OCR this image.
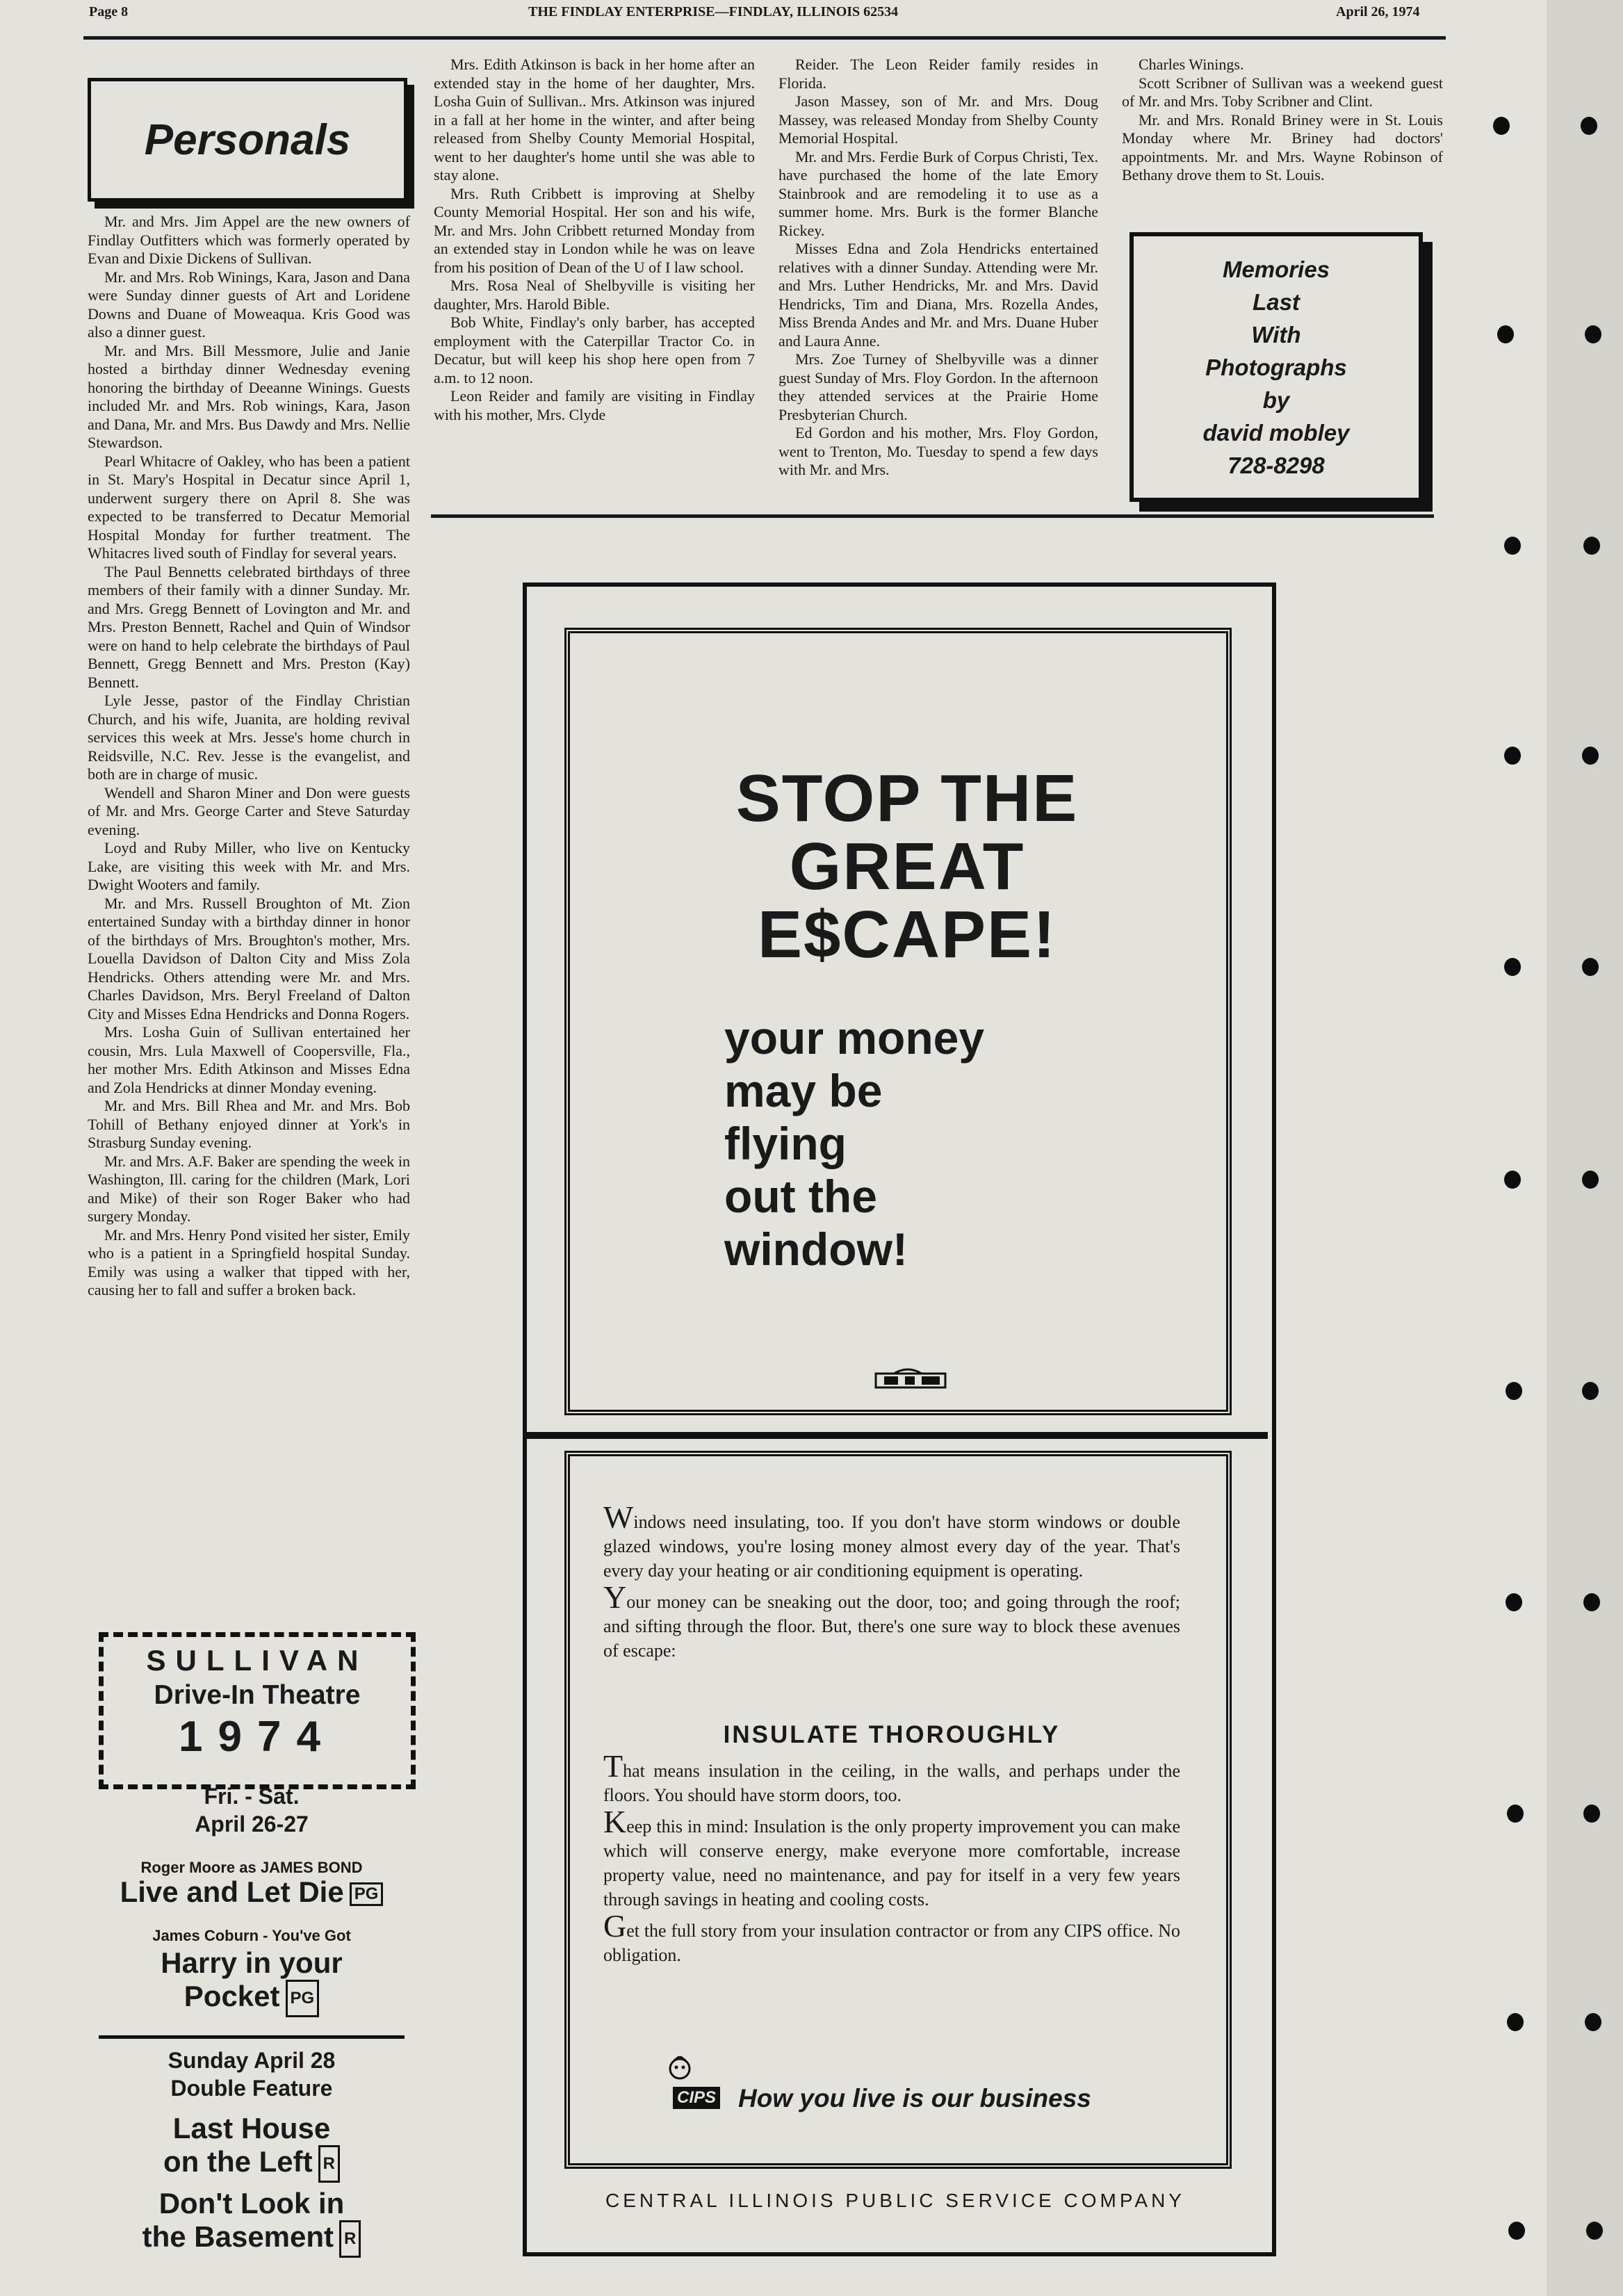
Page 8	THE FINDLAY ENTERPRISE—FINDLAY, ILLINOIS 62534	April 26, 1974
Personals

Mr. and Mrs. Jim Appel are the new owners of Findlay Outfitters which was formerly operated by Evan and Dixie Dickens of Sullivan.

Mr. and Mrs. Rob Winings, Kara, Jason and Dana were Sunday dinner guests of Art and Loridene Downs and Duane of Moweaqua. Kris Good was also a dinner guest.

Mr. and Mrs. Bill Messmore, Julie and Janie hosted a birthday dinner Wednesday evening honoring the birthday of Deeanne Winings. Guests included Mr. and Mrs. Rob winings, Kara, Jason and Dana, Mr. and Mrs. Bus Dawdy and Mrs. Nellie Stewardson.

Pearl Whitacre of Oakley, who has been a patient in St. Mary's Hospital in Decatur since April 1, underwent surgery there on April 8. She was expected to be transferred to Decatur Memorial Hospital Monday for further treatment. The Whitacres lived south of Findlay for several years.

The Paul Bennetts celebrated birthdays of three members of their family with a dinner Sunday. Mr. and Mrs. Gregg Bennett of Lovington and Mr. and Mrs. Preston Bennett, Rachel and Quin of Windsor were on hand to help celebrate the birthdays of Paul Bennett, Gregg Bennett and Mrs. Preston (Kay) Bennett.

Lyle Jesse, pastor of the Findlay Christian Church, and his wife, Juanita, are holding revival services this week at Mrs. Jesse's home church in Reidsville, N.C. Rev. Jesse is the evangelist, and both are in charge of music.

Wendell and Sharon Miner and Don were guests of Mr. and Mrs. George Carter and Steve Saturday evening.

Loyd and Ruby Miller, who live on Kentucky Lake, are visiting this week with Mr. and Mrs. Dwight Wooters and family.

Mr. and Mrs. Russell Broughton of Mt. Zion entertained Sunday with a birthday dinner in honor of the birthdays of Mrs. Broughton's mother, Mrs. Louella Davidson of Dalton City and Miss Zola Hendricks. Others attending were Mr. and Mrs. Charles Davidson, Mrs. Beryl Freeland of Dalton City and Misses Edna Hendricks and Donna Rogers.

Mrs. Losha Guin of Sullivan entertained her cousin, Mrs. Lula Maxwell of Coopersville, Fla., her mother Mrs. Edith Atkinson and Misses Edna and Zola Hendricks at dinner Monday evening.

Mr. and Mrs. Bill Rhea and Mr. and Mrs. Bob Tohill of Bethany enjoyed dinner at York's in Strasburg Sunday evening.

Mr. and Mrs. A.F. Baker are spending the week in Washington, Ill. caring for the children (Mark, Lori and Mike) of their son Roger Baker who had surgery Monday.

Mr. and Mrs. Henry Pond visited her sister, Emily who is a patient in a Springfield hospital Sunday. Emily was using a walker that tipped with her, causing her to fall and suffer a broken back.

Mrs. Edith Atkinson is back in her home after an extended stay in the home of her daughter, Mrs. Losha Guin of Sullivan.. Mrs. Atkinson was injured in a fall at her home in the winter, and after being released from Shelby County Memorial Hospital, went to her daughter's home until she was able to stay alone.

Mrs. Ruth Cribbett is improving at Shelby County Memorial Hospital. Her son and his wife, Mr. and Mrs. John Cribbett returned Monday from an extended stay in London while he was on leave from his position of Dean of the U of I law school.

Mrs. Rosa Neal of Shelbyville is visiting her daughter, Mrs. Harold Bible.

Bob White, Findlay's only barber, has accepted employment with the Caterpillar Tractor Co. in Decatur, but will keep his shop here open from 7 a.m. to 12 noon.

Leon Reider and family are visiting in Findlay with his mother, Mrs. Clyde

Reider. The Leon Reider family resides in Florida.

Jason Massey, son of Mr. and Mrs. Doug Massey, was released Monday from Shelby County Memorial Hospital.

Mr. and Mrs. Ferdie Burk of Corpus Christi, Tex. have purchased the home of the late Emory Stainbrook and are remodeling it to use as a summer home. Mrs. Burk is the former Blanche Rickey.

Misses Edna and Zola Hendricks entertained relatives with a dinner Sunday. Attending were Mr. and Mrs. Luther Hendricks, Mr. and Mrs. David Hendricks, Tim and Diana, Mrs. Rozella Andes, Miss Brenda Andes and Mr. and Mrs. Duane Huber and Laura Anne.

Mrs. Zoe Turney of Shelbyville was a dinner guest Sunday of Mrs. Floy Gordon. In the afternoon they attended services at the Prairie Home Presbyterian Church.

Ed Gordon and his mother, Mrs. Floy Gordon, went to Trenton, Mo. Tuesday to spend a few days with Mr. and Mrs.

Charles Winings.

Scott Scribner of Sullivan was a weekend guest of Mr. and Mrs. Toby Scribner and Clint.

Mr. and Mrs. Ronald Briney were in St. Louis Monday where Mr. Briney had doctors' appointments. Mr. and Mrs. Wayne Robinson of Bethany drove them to St. Louis.

Memories
Last
With
Photographs
by
david mobley
728-8298
SULLIVAN
Drive-In Theatre
1974
Fri. - Sat.
April 26-27
Roger Moore as JAMES BOND
Live and Let Die PG
James Coburn - You've Got
Harry in your
Pocket PG
Sunday April 28
Double Feature
Last House
on the Left R
Don't Look in
the Basement R
STOP THE
GREAT
E$CAPE!
your money
may be
flying
out the
window!

Windows need insulating, too. If you don't have storm windows or double glazed windows, you're losing money almost every day of the year. That's every day your heating or air conditioning equipment is operating.

Your money can be sneaking out the door, too; and going through the roof; and sifting through the floor. But, there's one sure way to block these avenues of escape:

INSULATE THOROUGHLY

That means insulation in the ceiling, in the walls, and perhaps under the floors. You should have storm doors, too.

Keep this in mind: Insulation is the only property improvement you can make which will conserve energy, make everyone more comfortable, increase property value, need no maintenance, and pay for itself in a very few years through savings in heating and cooling costs.

Get the full story from your insulation contractor or from any CIPS office. No obligation.

CIPS How you live is our business
CENTRAL ILLINOIS PUBLIC SERVICE COMPANY
